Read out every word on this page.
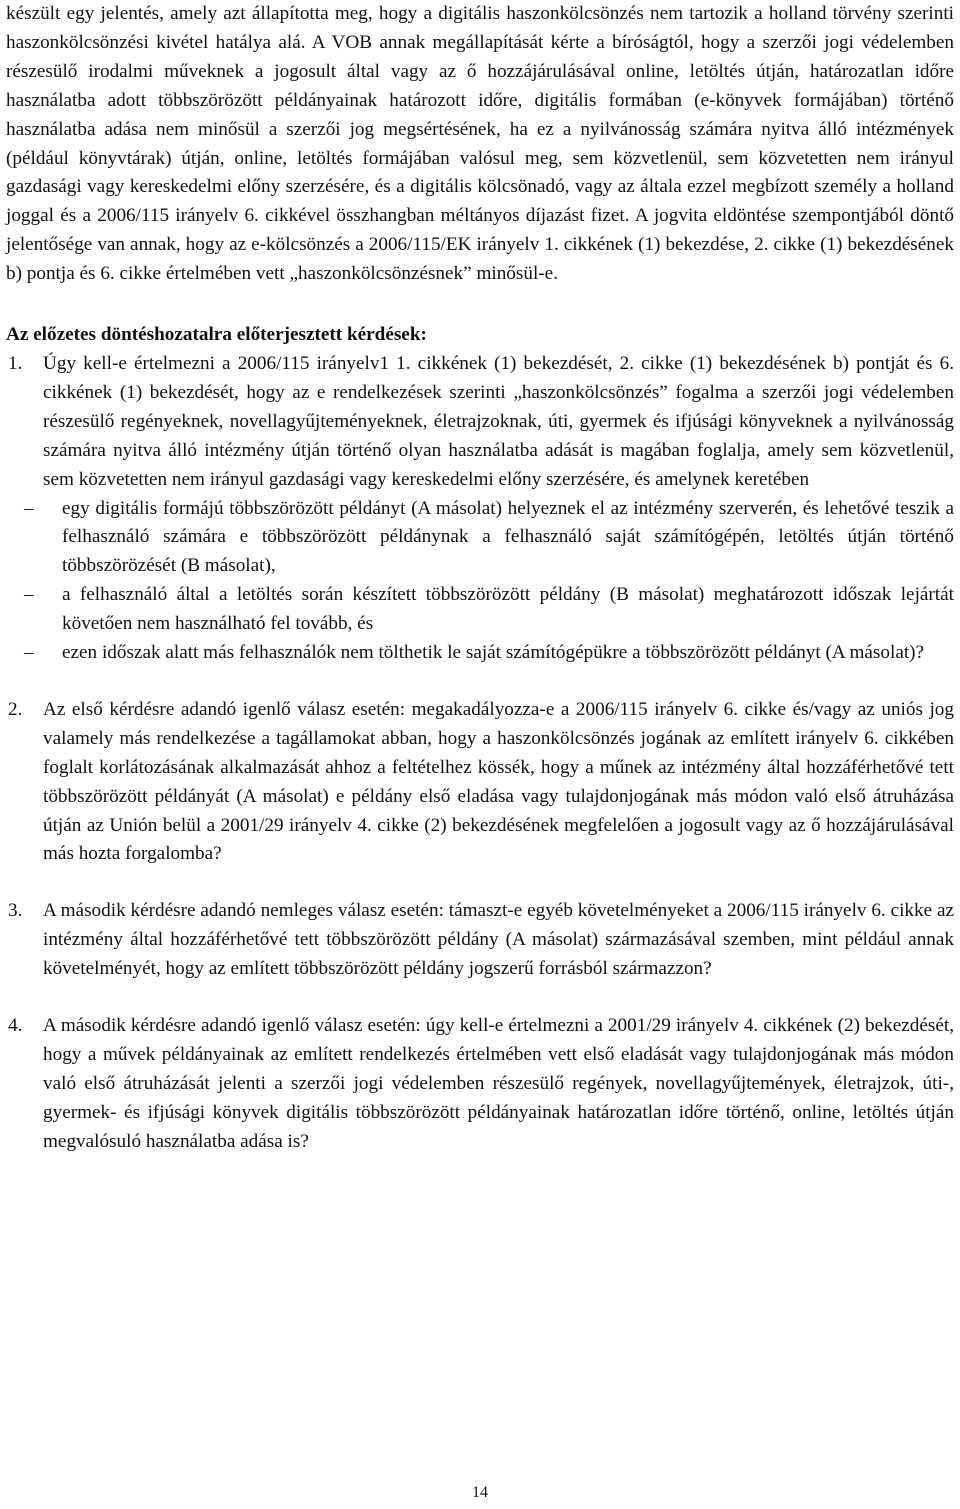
készült egy jelentés, amely azt állapította meg, hogy a digitális haszonkölcsönzés nem tartozik a holland törvény szerinti haszonkölcsönzési kivétel hatálya alá. A VOB annak megállapítását kérte a bíróságtól, hogy a szerzői jogi védelemben részesülő irodalmi műveknek a jogosult által vagy az ő hozzájárulásával online, letöltés útján, határozatlan időre használatba adott többszörözött példányainak határozott időre, digitális formában (e-könyvek formájában) történő használatba adása nem minősül a szerzői jog megsértésének, ha ez a nyilvánosság számára nyitva álló intézmények (például könyvtárak) útján, online, letöltés formájában valósul meg, sem közvetlenül, sem közvetetten nem irányul gazdasági vagy kereskedelmi előny szerzésére, és a digitális kölcsönadó, vagy az általa ezzel megbízott személy a holland joggal és a 2006/115 irányelv 6. cikkével összhangban méltányos díjazást fizet. A jogvita eldöntése szempontjából döntő jelentősége van annak, hogy az e-kölcsönzés a 2006/115/EK irányelv 1. cikkének (1) bekezdése, 2. cikke (1) bekezdésének b) pontja és 6. cikke értelmében vett „haszonkölcsönzésnek” minősül-e.

Az előzetes döntéshozatalra előterjesztett kérdések:

1. Úgy kell-e értelmezni a 2006/115 irányelv1 1. cikkének (1) bekezdését, 2. cikke (1) bekezdésének b) pontját és 6. cikkének (1) bekezdését, hogy az e rendelkezések szerinti „haszonkölcsönzés” fogalma a szerzői jogi védelemben részesülő regényeknek, novellagyűjteményeknek, életrajzoknak, úti, gyermek és ifjúsági könyveknek a nyilvánosság számára nyitva álló intézmény útján történő olyan használatba adását is magában foglalja, amely sem közvetlenül, sem közvetetten nem irányul gazdasági vagy kereskedelmi előny szerzésére, és amelynek keretében

– egy digitális formájú többszörözött példányt (A másolat) helyeznek el az intézmény szerverén, és lehetővé teszik a felhasználó számára e többszörözött példánynak a felhasználó saját számítógépén, letöltés útján történő többszörözését (B másolat),
– a felhasználó által a letöltés során készített többszörözött példány (B másolat) meghatározott időszak lejártát követően nem használható fel tovább, és
– ezen időszak alatt más felhasználók nem tölthetik le saját számítógépükre a többszörözött példányt (A másolat)?
2. Az első kérdésre adandó igenlő válasz esetén: megakadályozza-e a 2006/115 irányelv 6. cikke és/vagy az uniós jog valamely más rendelkezése a tagállamokat abban, hogy a haszonkölcsönzés jogának az említett irányelv 6. cikkében foglalt korlátozásának alkalmazását ahhoz a feltételhez kössék, hogy a műnek az intézmény által hozzáférhetővé tett többszörözött példányát (A másolat) e példány első eladása vagy tulajdonjogának más módon való első átruházása útján az Unión belül a 2001/29 irányelv 4. cikke (2) bekezdésének megfelelően a jogosult vagy az ő hozzájárulásával más hozta forgalomba?

3. A második kérdésre adandó nemleges válasz esetén: támaszt-e egyéb követelményeket a 2006/115 irányelv 6. cikke az intézmény által hozzáférhetővé tett többszörözött példány (A másolat) származásával szemben, mint például annak követelményét, hogy az említett többszörözött példány jogszerű forrásból származzon?

4. A második kérdésre adandó igenlő válasz esetén: úgy kell-e értelmezni a 2001/29 irányelv 4. cikkének (2) bekezdését, hogy a művek példányainak az említett rendelkezés értelmében vett első eladását vagy tulajdonjogának más módon való első átruházását jelenti a szerzői jogi védelemben részesülő regények, novellagyűjtemények, életrajzok, úti-, gyermek- és ifjúsági könyvek digitális többszörözött példányainak határozatlan időre történő, online, letöltés útján megvalósuló használatba adása is?

14
